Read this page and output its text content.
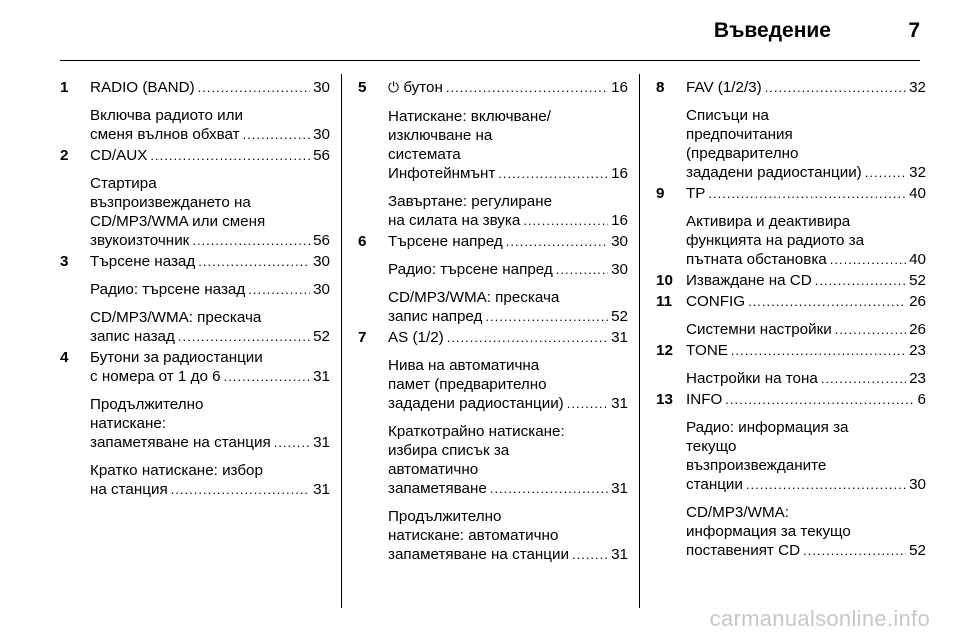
Въведение	7
1	RADIO (BAND) .....	30
Включва радиото или
сменя вълнов обхват .....	30
2	CD/AUX .....	56
Стартира
възпроизвеждането на
CD/MP3/WMA или сменя
звукоизточник .....	56
3	Търсене назад .....	30
Радио: търсене назад .....	30
CD/MP3/WMA: прескача
запис назад .....	52
4	Бутони за радиостанции
с номера от 1 до 6 .....	31
Продължително
натискане:
запаметяване на станция .....	31
Кратко натискане: избор
на станция .....	31
5	⏻
бутон .....	16
Натискане: включване/
изключване на
системата
Инфотейнмънт .....	16
Завъртане: регулиране
на силата на звука .....	16
6	Търсене напред .....	30
Радио: търсене напред .....	30
CD/MP3/WMA: прескача
запис напред .....	52
7	AS (1/2) .....	31
Нива на автоматична
памет (предварително
зададени радиостанции) .....	31
Краткотрайно натискане:
избира списък за
автоматично
запаметяване .....	31
Продължително
натискане: автоматично
запаметяване на станции .....	31
8	FAV (1/2/3) .....	32
Списъци на
предпочитания
(предварително
зададени радиостанции) .....	32
9	TP .....	40
Активира и деактивира
функцията на радиото за
пътната обстановка .....	40
10 Изваждане на CD .....	52
11 CONFIG .....	26
Системни настройки .....	26
12 TONE .....	23
Настройки на тона .....	23
13 INFO .....	6
Радио: информация за
текущо
възпроизвежданите
станции .....	30
CD/MP3/WMA:
информация за текущо
поставеният CD .....	52
carmanualsonline.info
